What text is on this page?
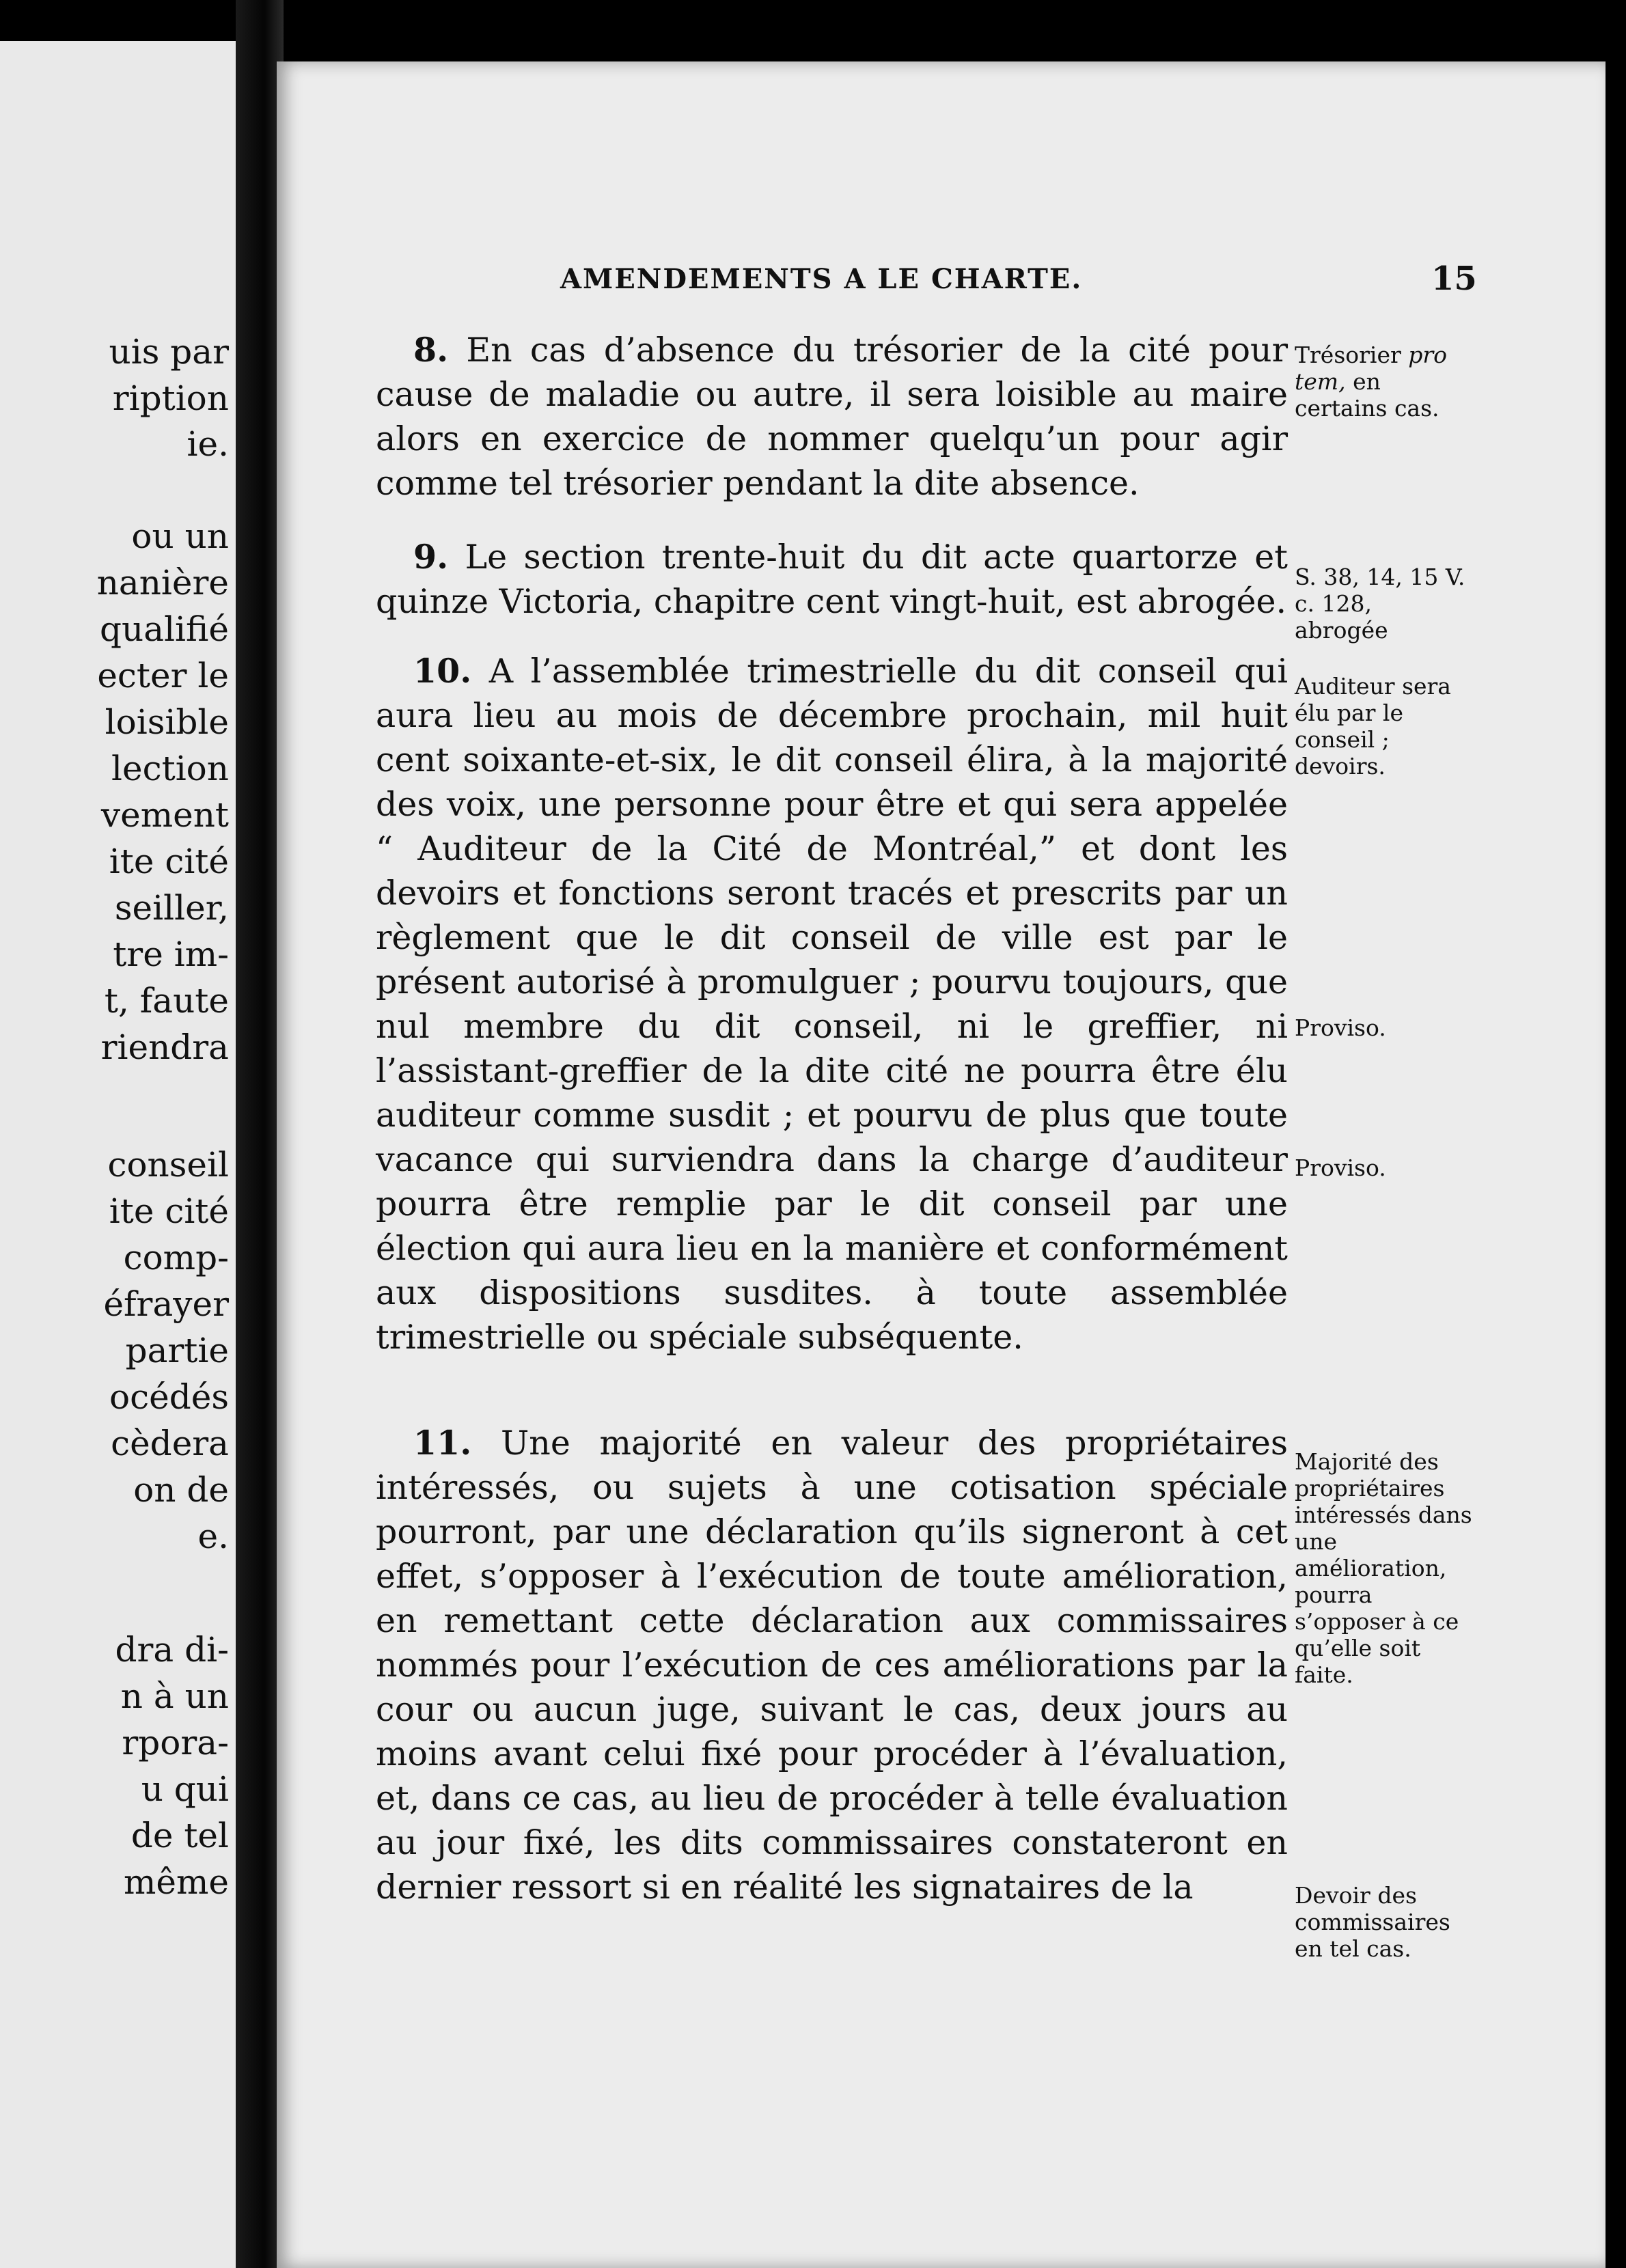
uis par
ription
ie.
ou un
nanière
qualifié
ecter le
loisible
lection
vement
ite cité
seiller,
tre im-
t, faute
riendra
conseil
ite cité
comp-
éfrayer
partie
océdés
cèdera
on de
e.
dra di-
n à un
rpora-
u qui
de tel
même
AMENDEMENTS A LE CHARTE.	15
8. En cas d’absence du trésorier de la cité pour cause de maladie ou autre, il sera loisible au maire alors en exercice de nommer quelqu’un pour agir comme tel trésorier pendant la dite absence.
Trésorier pro tem, en certains cas.
9. Le section trente-huit du dit acte quartorze et quinze Victoria, chapitre cent vingt-huit, est abrogée.
S. 38, 14, 15 V. c. 128, abrogée
10. A l’assemblée trimestrielle du dit conseil qui aura lieu au mois de décembre prochain, mil huit cent soixante-et-six, le dit conseil élira, à la majorité des voix, une personne pour être et qui sera appelée “ Auditeur de la Cité de Montréal,” et dont les devoirs et fonctions seront tracés et prescrits par un règlement que le dit conseil de ville est par le présent autorisé à promulguer ; pourvu toujours, que nul membre du dit conseil, ni le greffier, ni l’assistant-greffier de la dite cité ne pourra être élu auditeur comme susdit ; et pourvu de plus que toute vacance qui surviendra dans la charge d’auditeur pourra être remplie par le dit conseil par une élection qui aura lieu en la manière et conformément aux dispositions susdites. à toute assemblée trimestrielle ou spéciale subséquente.
Auditeur sera élu par le conseil ; devoirs.
Proviso.
Proviso.
11. Une majorité en valeur des propriétaires intéressés, ou sujets à une cotisation spéciale pourront, par une déclaration qu’ils signeront à cet effet, s’opposer à l’exécution de toute amélioration, en remettant cette déclaration aux commissaires nommés pour l’exécution de ces améliorations par la cour ou aucun juge, suivant le cas, deux jours au moins avant celui fixé pour procéder à l’évaluation, et, dans ce cas, au lieu de procéder à telle évaluation au jour fixé, les dits commissaires constateront en dernier ressort si en réalité les signataires de la
Majorité des propriétaires intéressés dans une amélioration, pourra s’opposer à ce qu’elle soit faite.
Devoir des commissaires en tel cas.
